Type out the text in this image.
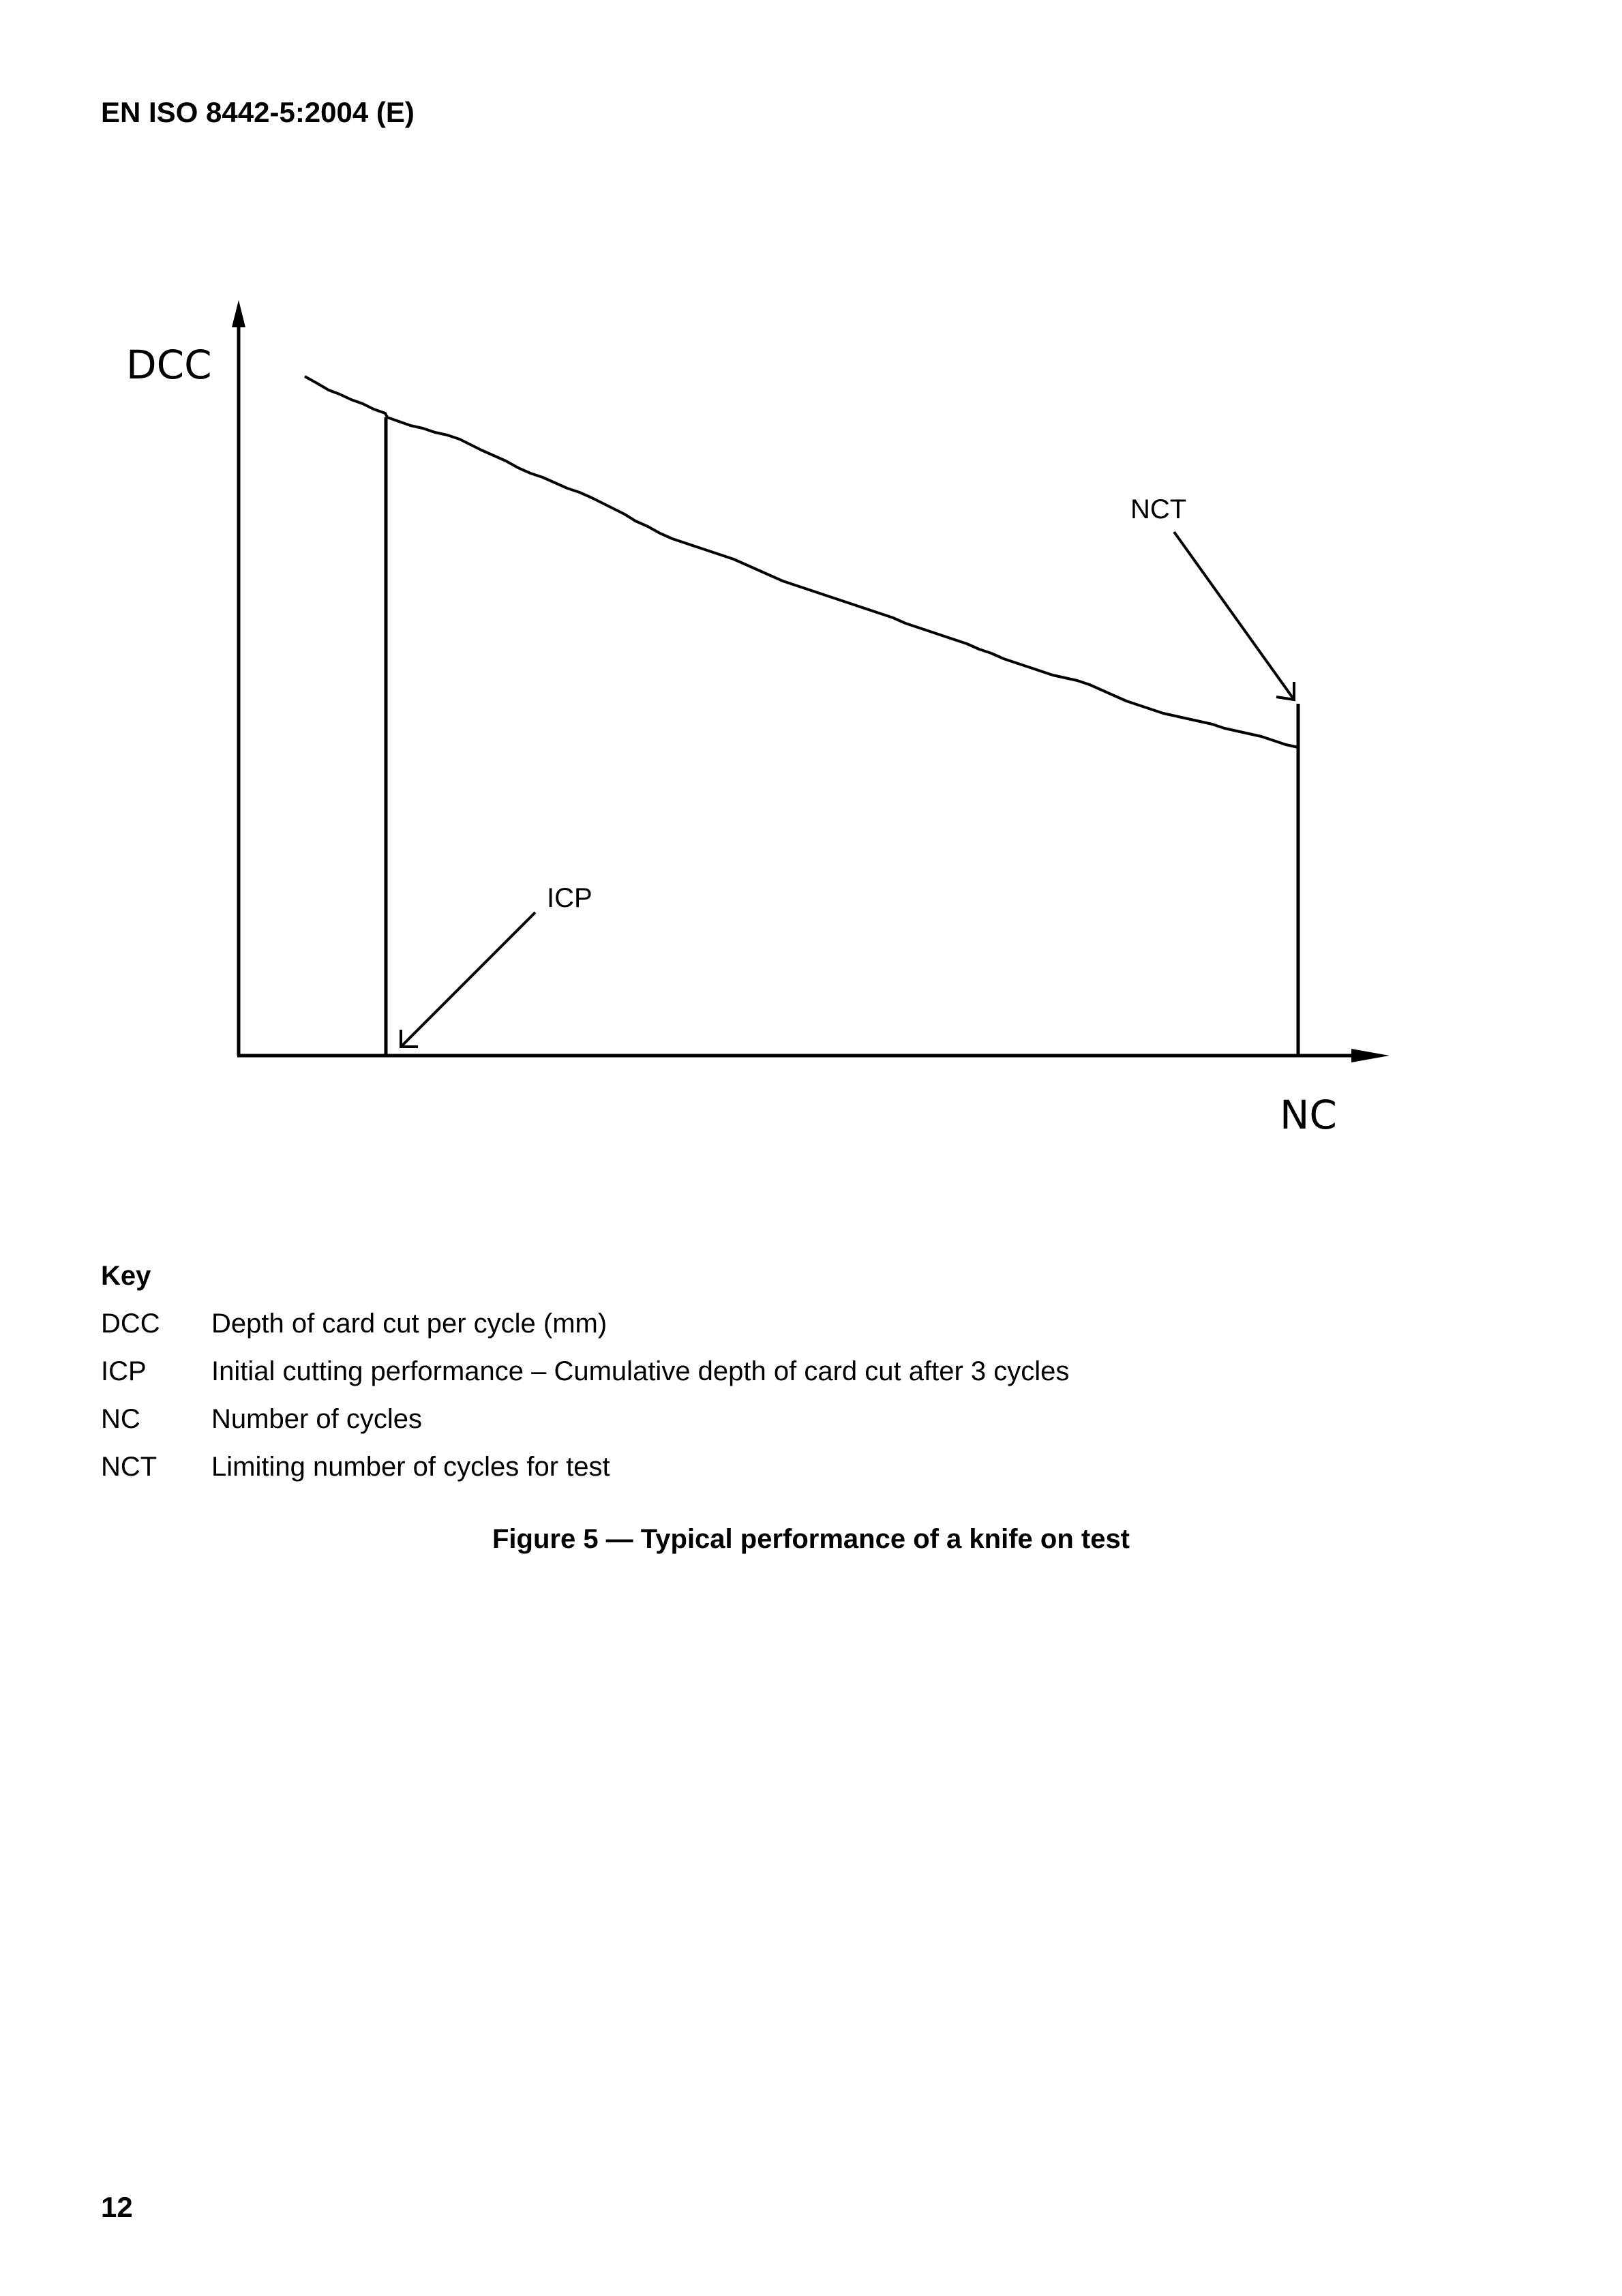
EN ISO 8442-5:2004 (E)
DCC
NC
NCT
ICP
Key
DCC	Depth of card cut per cycle (mm)
ICP	Initial cutting performance – Cumulative depth of card cut after 3 cycles
NC	Number of cycles
NCT	Limiting number of cycles for test
Figure 5 — Typical performance of a knife on test
12
